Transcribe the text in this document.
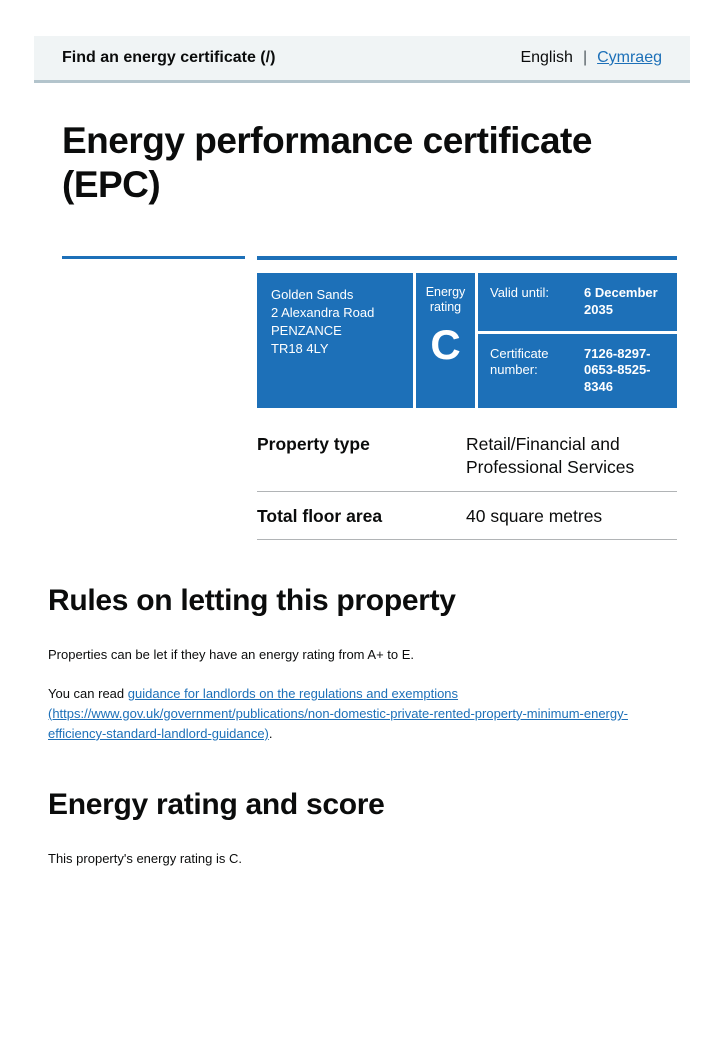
Find an energy certificate (/)	English | Cymraeg
Energy performance certificate (EPC)
Golden Sands
2 Alexandra Road
PENZANCE
TR18 4LY
Energy rating
C
Valid until:	6 December 2035
Certificate number:
7126-8297-0653-8525-8346
Property type	Retail/Financial and Professional Services
Total floor area	40 square metres
Rules on letting this property

Properties can be let if they have an energy rating from A+ to E.

You can read guidance for landlords on the regulations and exemptions (https://www.gov.uk/government/publications/non-domestic-private-rented-property-minimum-energy-efficiency-standard-landlord-guidance).

Energy rating and score

This property's energy rating is C.
